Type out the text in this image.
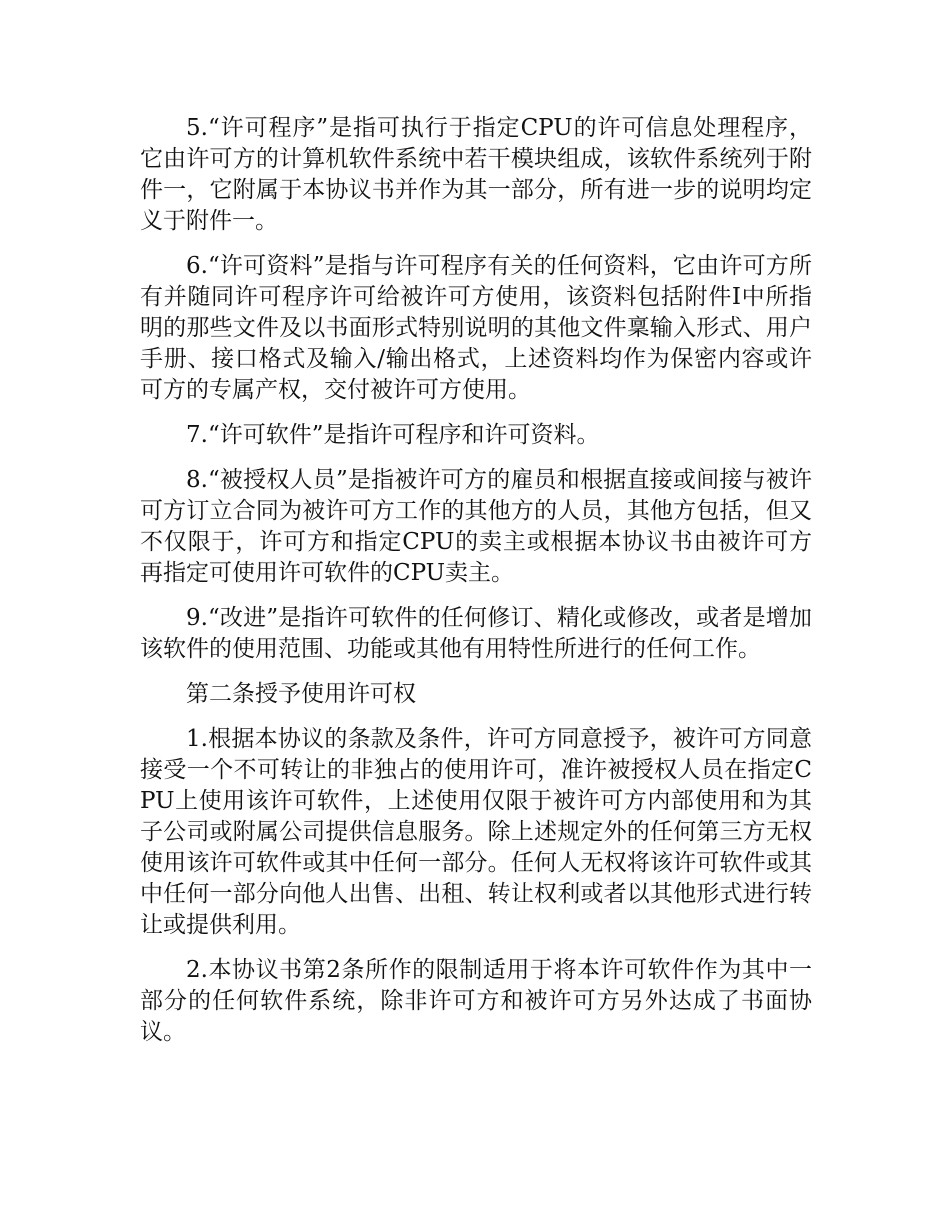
5.“许可程序”是指可执行于指定CPU的许可信息处理程序，它由许可方的计算机软件系统中若干模块组成，该软件系统列于附件一，它附属于本协议书并作为其一部分，所有进一步的说明均定义于附件一。

6.“许可资料”是指与许可程序有关的任何资料，它由许可方所有并随同许可程序许可给被许可方使用，该资料包括附件I中所指明的那些文件及以书面形式特别说明的其他文件稟输入形式、用户手册、接口格式及输入/输出格式，上述资料均作为保密内容或许可方的专属产权，交付被许可方使用。

7.“许可软件”是指许可程序和许可资料。

8.“被授权人员”是指被许可方的雇员和根据直接或间接与被许可方订立合同为被许可方工作的其他方的人员，其他方包括，但又不仅限于，许可方和指定CPU的卖主或根据本协议书由被许可方再指定可使用许可软件的CPU卖主。

9.“改进”是指许可软件的任何修订、精化或修改，或者是增加该软件的使用范围、功能或其他有用特性所进行的任何工作。

第二条授予使用许可权

1.根据本协议的条款及条件，许可方同意授予，被许可方同意接受一个不可转让的非独占的使用许可，准许被授权人员在指定CPU上使用该许可软件，上述使用仅限于被许可方内部使用和为其子公司或附属公司提供信息服务。除上述规定外的任何第三方无权使用该许可软件或其中任何一部分。任何人无权将该许可软件或其中任何一部分向他人出售、出租、转让权利或者以其他形式进行转让或提供利用。

2.本协议书第2条所作的限制适用于将本许可软件作为其中一部分的任何软件系统，除非许可方和被许可方另外达成了书面协议。
